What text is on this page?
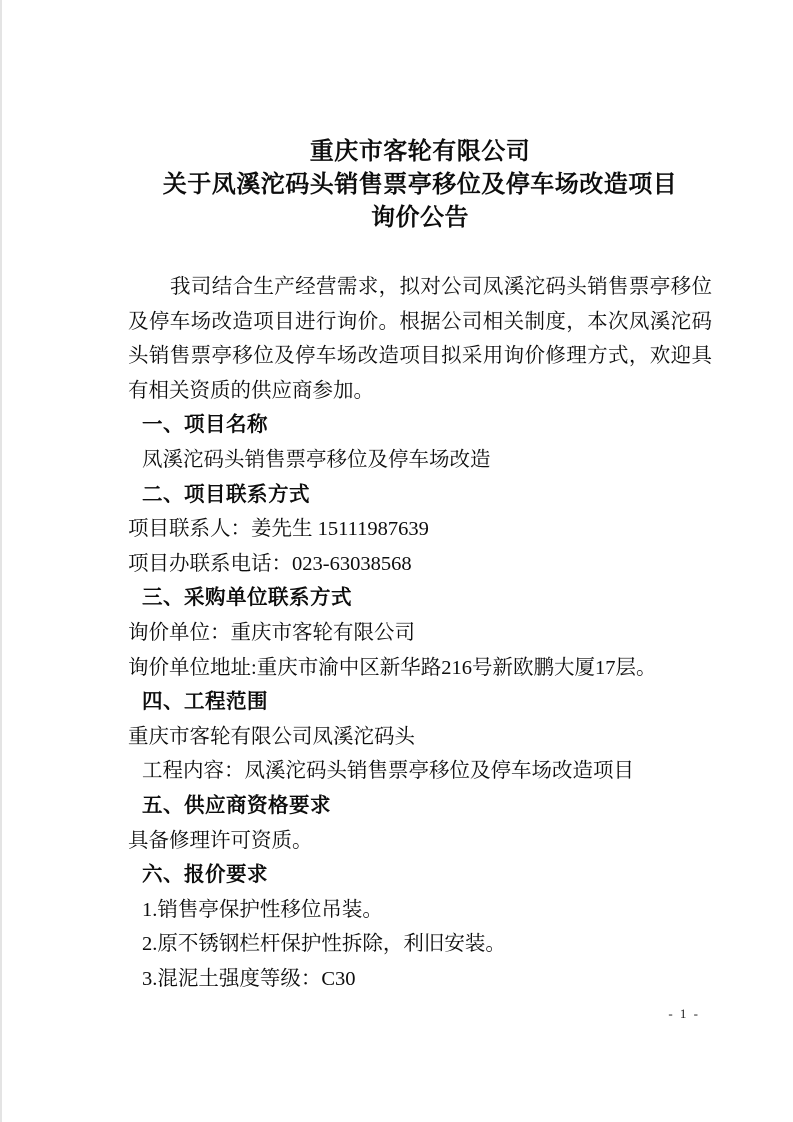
重庆市客轮有限公司
关于凤溪沱码头销售票亭移位及停车场改造项目
询价公告
我司结合生产经营需求，拟对公司凤溪沱码头销售票亭移位
及停车场改造项目进行询价。根据公司相关制度，本次凤溪沱码
头销售票亭移位及停车场改造项目拟采用询价修理方式，欢迎具
有相关资质的供应商参加。
一、项目名称
凤溪沱码头销售票亭移位及停车场改造
二、项目联系方式
项目联系人：姜先生 15111987639
项目办联系电话：023-63038568
三、采购单位联系方式
询价单位：重庆市客轮有限公司
询价单位地址:重庆市渝中区新华路216号新欧鹏大厦17层。
四、工程范围
重庆市客轮有限公司凤溪沱码头
工程内容：凤溪沱码头销售票亭移位及停车场改造项目
五、供应商资格要求
具备修理许可资质。
六、报价要求
1.销售亭保护性移位吊装。
2.原不锈钢栏杆保护性拆除，利旧安装。
3.混泥土强度等级：C30
- 1 -
